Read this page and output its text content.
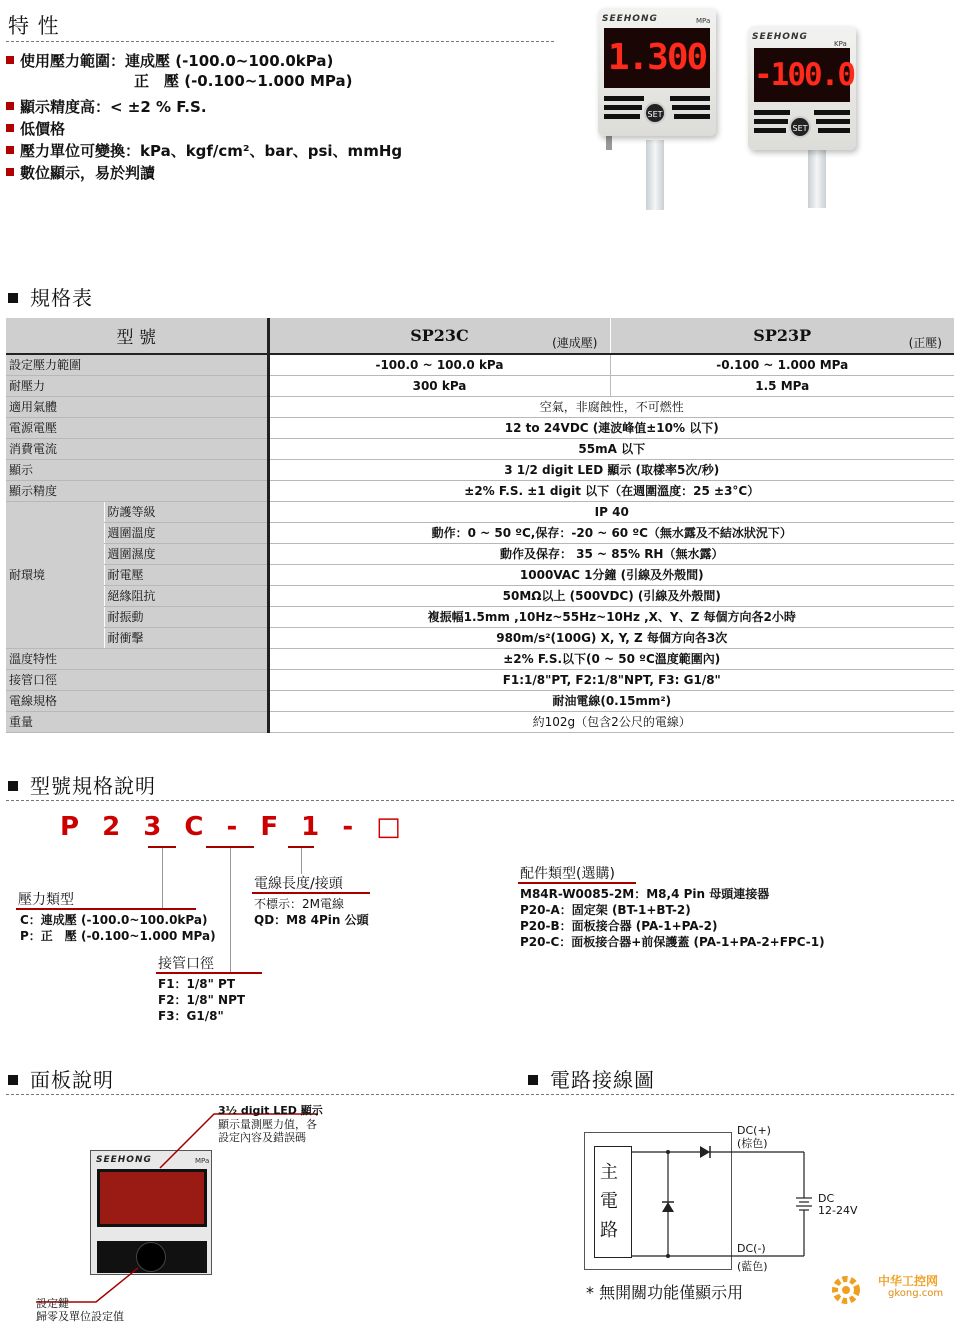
特 性
使用壓力範圍：連成壓 (-100.0~100.0kPa)
正　壓 (-0.100~1.000 MPa)
顯示精度高：< ±2 % F.S.
低價格
壓力單位可變換：kPa、kgf/cm²、bar、psi、mmHg
數位顯示，易於判讀
SEEHONG	MPa
1.300
SET
SEEHONG
KPa
-100.0
SET
規格表
型 號		SP23C (連成壓)	SP23P (正壓)

設定壓力範圍		-100.0 ~ 100.0 kPa	-0.100 ~ 1.000 MPa
耐壓力		300 kPa	1.5 MPa
適用氣體		空氣，非腐蝕性，不可燃性	
電源電壓		12 to 24VDC (連波峰值±10% 以下)	
消費電流		55mA 以下	
顯示		3 1/2 digit LED 顯示 (取樣率5次/秒)	
顯示精度		±2% F.S. ±1 digit 以下（在週圍溫度：25 ±3°C）	
耐環境	防護等級	IP 40	
	週圍溫度	動作：0 ~ 50 ºC,保存：-20 ~ 60 ºC（無水露及不結冰狀況下）	
	週圍濕度	動作及保存： 35 ~ 85% RH（無水露）	
	耐電壓	1000VAC 1分鐘 (引線及外殼間)	
	絕緣阻抗	50MΩ以上 (500VDC) (引線及外殼間)	
	耐振動	複振幅1.5mm ,10Hz~55Hz~10Hz ,X、Y、Z 每個方向各2小時	
	耐衝擊	980m/s²(100G) X, Y, Z 每個方向各3次	
溫度特性		±2% F.S.以下(0 ~ 50 ºC溫度範圍內)	
接管口徑		F1:1/8"PT, F2:1/8"NPT, F3: G1/8"	
電線規格		耐油電線(0.15mm²)	
重量		約102g（包含2公尺的電線）	
型號規格說明
P 2 3 C - F 1 - □
壓力類型
C：連成壓 (-100.0~100.0kPa)
P：正　壓 (-0.100~1.000 MPa)
接管口徑
F1：1/8" PT
F2：1/8" NPT
F3：G1/8"
電線長度/接頭
不標示：2M電線
QD：M8 4Pin 公頭
配件類型(選購)
M84R-W0085-2M：M8,4 Pin 母頭連接器
P20-A：固定架 (BT-1+BT-2)
P20-B：面板接合器 (PA-1+PA-2)
P20-C：面板接合器+前保護蓋 (PA-1+PA-2+FPC-1)
面板說明	電路接線圖
SEEHONG	MPa
3½ digit LED 顯示
顯示量測壓力值，各
設定內容及錯誤碼
設定鍵
歸零及單位設定值
主
電
路
DC(+)
(棕色)
DC(-)
(藍色)
DC
12-24V
* 無開關功能僅顯示用
中华工控网
gkong.com
